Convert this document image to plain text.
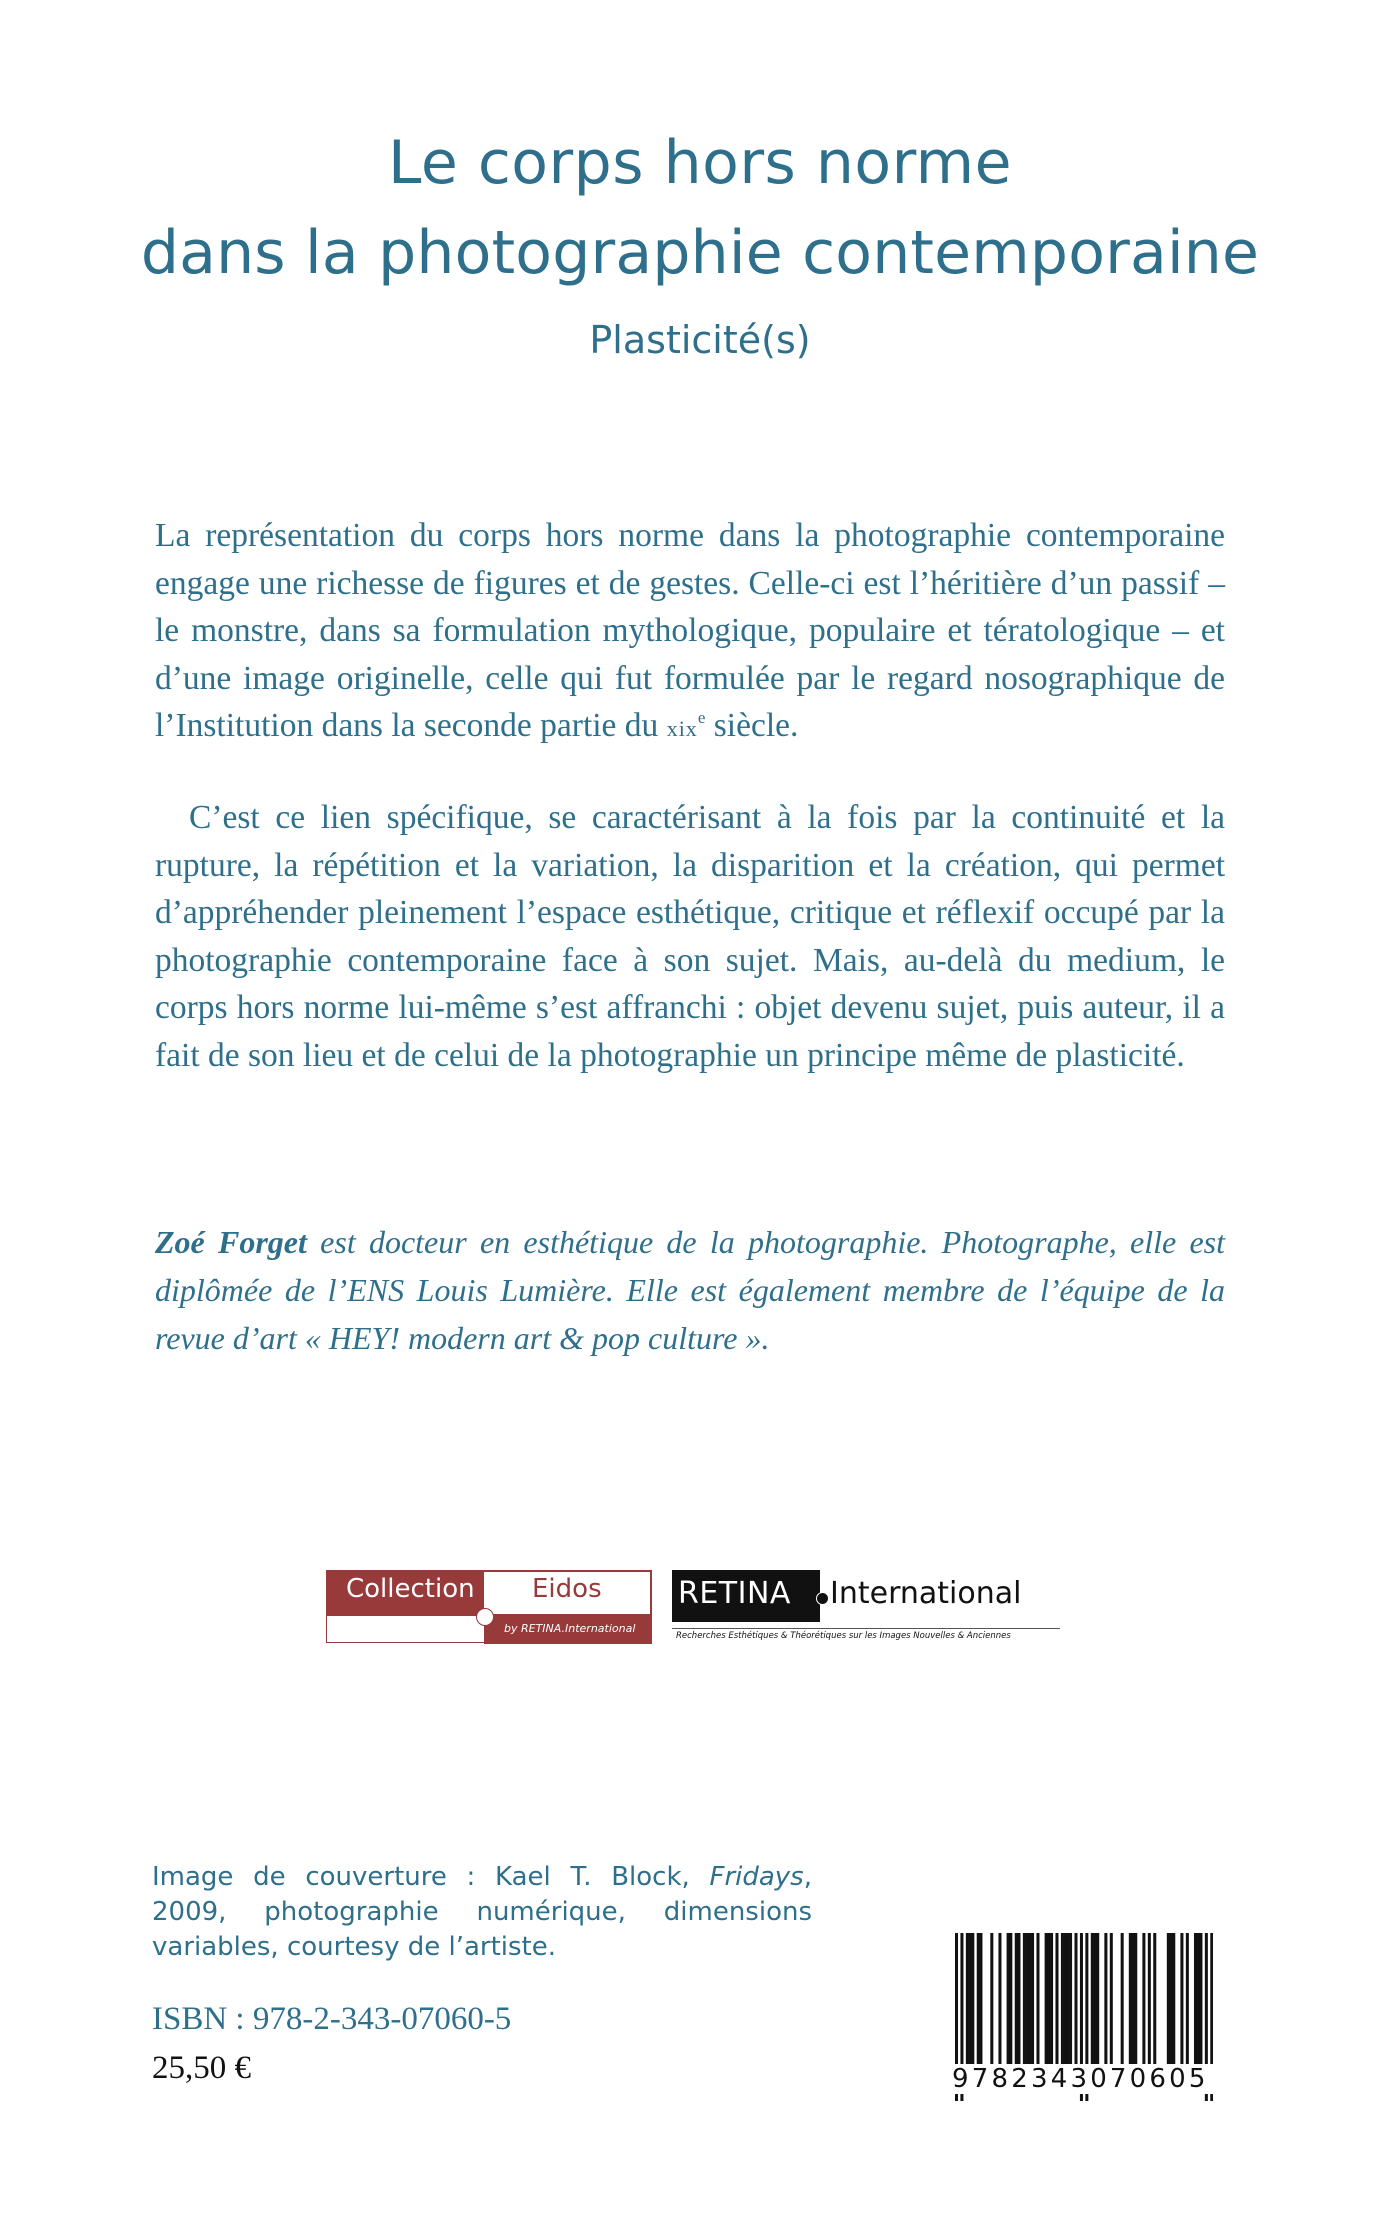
Le corps hors norme
dans la photographie contemporaine
Plasticité(s)

La représentation du corps hors norme dans la photographie contemporaine engage une richesse de figures et de gestes. Celle-ci est l’héritière d’un passif – le monstre, dans sa formulation mythologique, populaire et tératologique – et d’une image originelle, celle qui fut formulée par le regard nosographique de l’Institution dans la seconde partie du xix$^e$ siècle.

C’est ce lien spécifique, se caractérisant à la fois par la continuité et la rupture, la répétition et la variation, la disparition et la création, qui permet d’appréhender pleinement l’espace esthétique, critique et réflexif occupé par la photographie contemporaine face à son sujet. Mais, au-delà du medium, le corps hors norme lui-même s’est affranchi : objet devenu sujet, puis auteur, il a fait de son lieu et de celui de la photographie un principe même de plasticité.

Zoé Forget est docteur en esthétique de la photographie. Photographe, elle est diplômée de l’ENS Louis Lumière. Elle est également membre de l’équipe de la revue d’art « HEY! modern art & pop culture ».
Collection Eidos
by RETINA.International
RETINA International
Recherches Esthétiques & Théorétiques sur les Images Nouvelles & Anciennes

Image de couverture : Kael T. Block, Fridays, 2009, photographie numérique, dimensions variables, courtesy de l’artiste.

ISBN : 978-2-343-07060-5
25,50 €	9782343070605
